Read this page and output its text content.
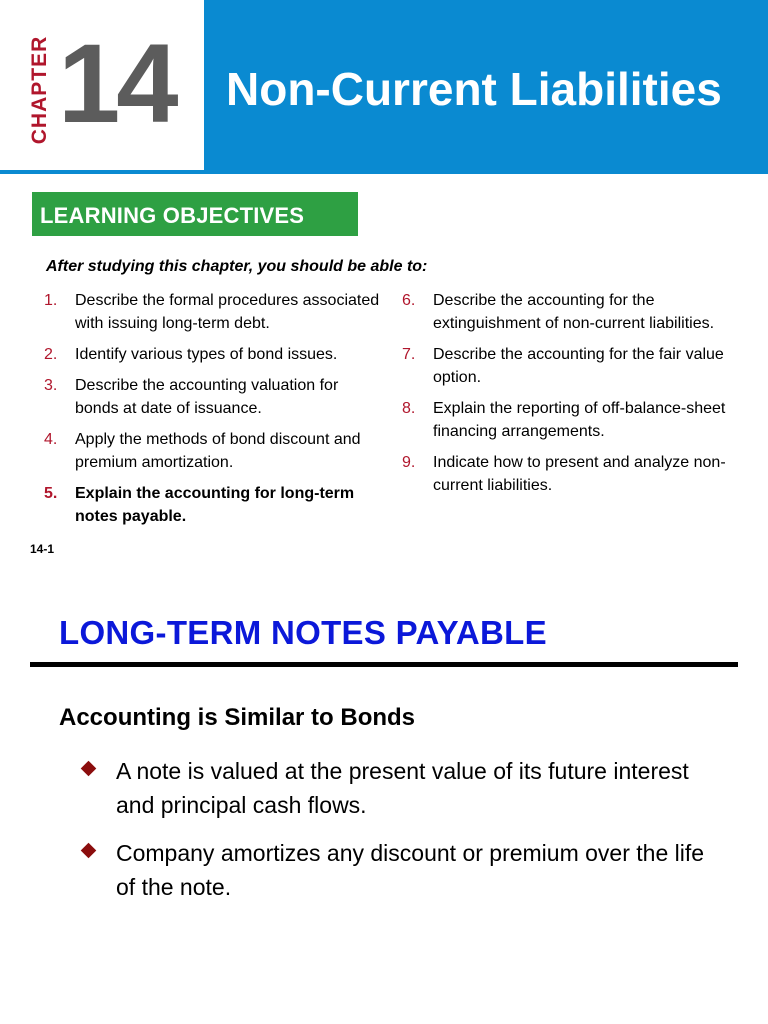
CHAPTER 14 Non-Current Liabilities
LEARNING OBJECTIVES
After studying this chapter, you should be able to:
1.	Describe the formal procedures associated with issuing long-term debt.
2.	Identify various types of bond issues.
3.	Describe the accounting valuation for bonds at date of issuance.
4.	Apply the methods of bond discount and premium amortization.
5.	Explain the accounting for long-term notes payable.
6.	Describe the accounting for the extinguishment of non-current liabilities.
7.	Describe the accounting for the fair value option.
8.	Explain the reporting of off-balance-sheet financing arrangements.
9.	Indicate how to present and analyze non-current liabilities.
14-1
LONG-TERM NOTES PAYABLE
Accounting is Similar to Bonds
A note is valued at the present value of its future interest and principal cash flows.
Company amortizes any discount or premium over the life of the note.
